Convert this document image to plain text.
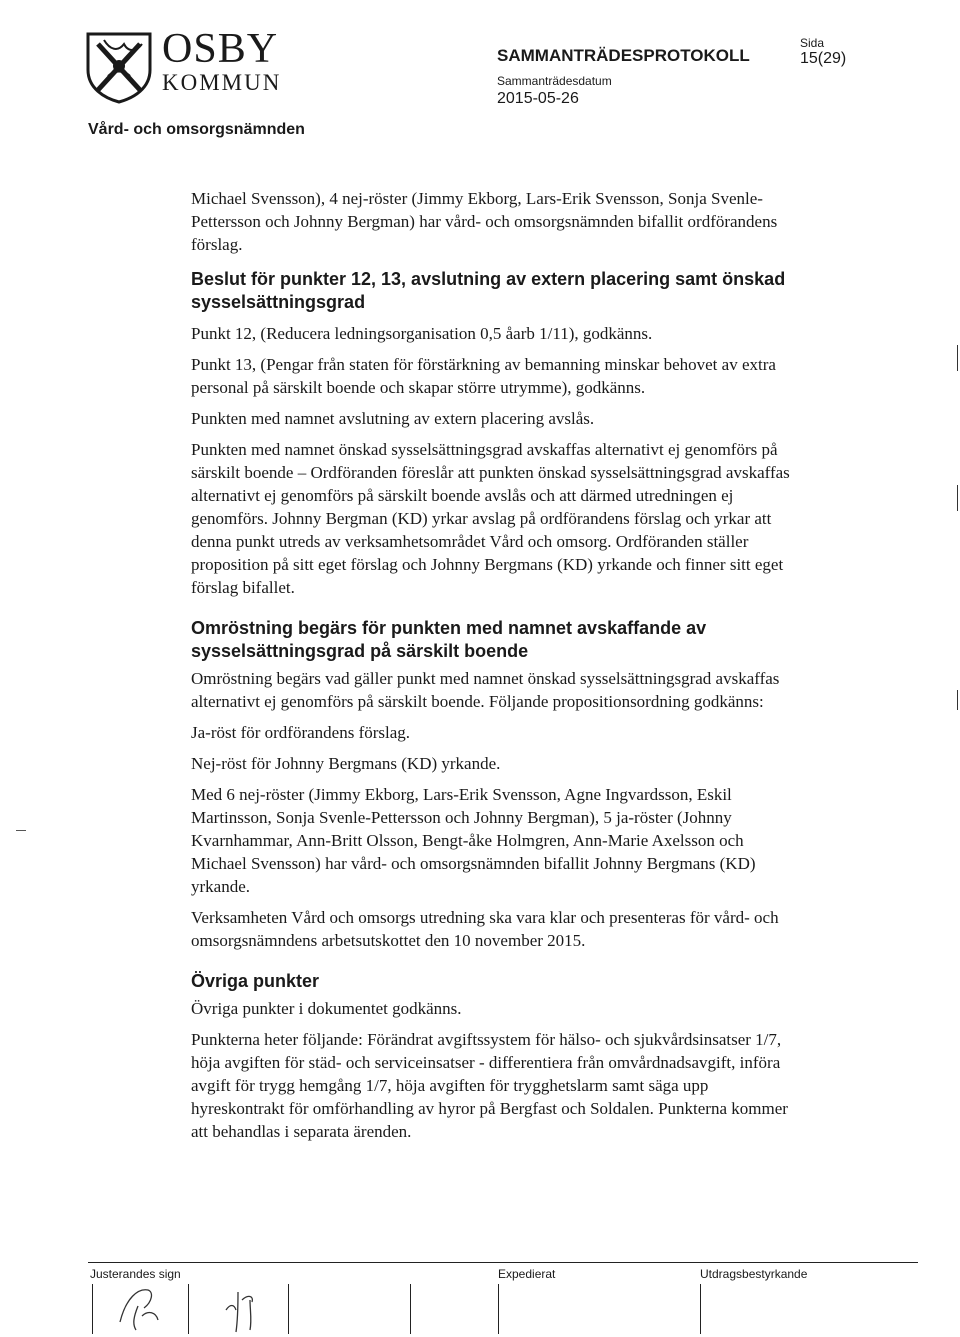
OSBY
KOMMUN
SAMMANTRÄDESPROTOKOLL
Sammanträdesdatum
2015-05-26
Sida
15(29)
Vård- och omsorgsnämnden

Michael Svensson), 4 nej-röster (Jimmy Ekborg, Lars-Erik Svensson, Sonja Svenle-Pettersson och Johnny Bergman) har vård- och omsorgsnämnden bifallit ordförandens förslag.

Beslut för punkter 12, 13, avslutning av extern placering samt önskad sysselsättningsgrad

Punkt 12, (Reducera ledningsorganisation 0,5 åarb 1/11), godkänns.

Punkt 13, (Pengar från staten för förstärkning av bemanning minskar behovet av extra personal på särskilt boende och skapar större utrymme), godkänns.

Punkten med namnet avslutning av extern placering avslås.

Punkten med namnet önskad sysselsättningsgrad avskaffas alternativt ej genomförs på särskilt boende – Ordföranden föreslår att punkten önskad sysselsättningsgrad avskaffas alternativt ej genomförs på särskilt boende avslås och att därmed utredningen ej genomförs. Johnny Bergman (KD) yrkar avslag på ordförandens förslag och yrkar att denna punkt utreds av verksamhetsområdet Vård och omsorg. Ordföranden ställer proposition på sitt eget förslag och Johnny Bergmans (KD) yrkande och finner sitt eget förslag bifallet.

Omröstning begärs för punkten med namnet avskaffande av sysselsättningsgrad på särskilt boende

Omröstning begärs vad gäller punkt med namnet önskad sysselsättningsgrad avskaffas alternativt ej genomförs på särskilt boende. Följande propositionsordning godkänns:

Ja-röst för ordförandens förslag.

Nej-röst för Johnny Bergmans (KD) yrkande.

Med 6 nej-röster (Jimmy Ekborg, Lars-Erik Svensson, Agne Ingvardsson, Eskil Martinsson, Sonja Svenle-Pettersson och Johnny Bergman), 5 ja-röster (Johnny Kvarnhammar, Ann-Britt Olsson, Bengt-åke Holmgren, Ann-Marie Axelsson och Michael Svensson) har vård- och omsorgsnämnden bifallit Johnny Bergmans (KD) yrkande.

Verksamheten Vård och omsorgs utredning ska vara klar och presenteras för vård- och omsorgsnämndens arbetsutskottet den 10 november 2015.

Övriga punkter

Övriga punkter i dokumentet godkänns.

Punkterna heter följande: Förändrat avgiftssystem för hälso- och sjukvårdsinsatser 1/7, höja avgiften för städ- och serviceinsatser - differentiera från omvårdnadsavgift, införa avgift för trygg hemgång 1/7, höja avgiften för trygghetslarm samt säga upp hyreskontrakt för omförhandling av hyror på Bergfast och Soldalen. Punkterna kommer att behandlas i separata ärenden.

Justerandes sign	Expedierat	Utdragsbestyrkande
